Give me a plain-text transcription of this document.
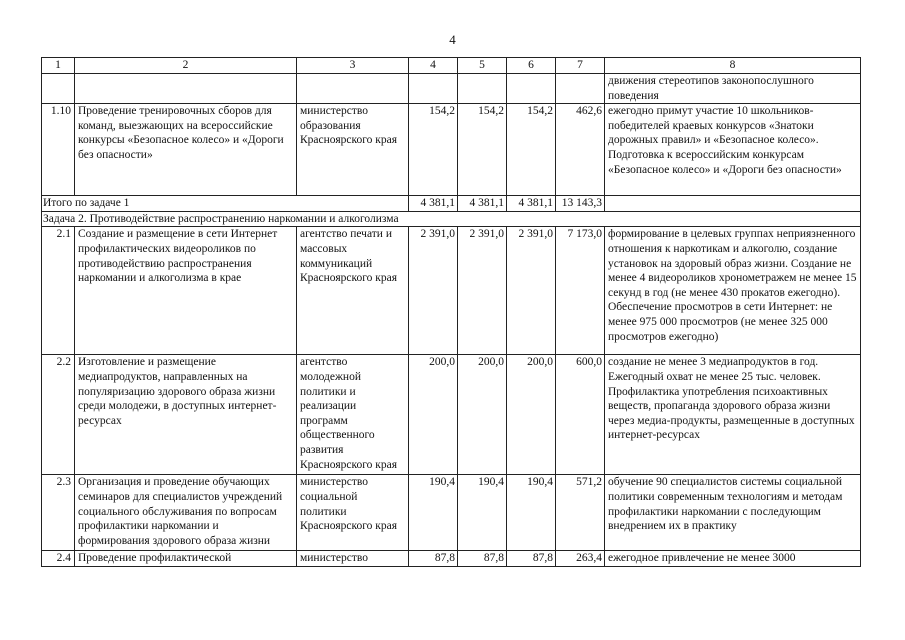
4
1	2	3	4	5	6	7	8
							движения стереотипов законопослушного поведения
1.10	Проведение тренировочных сборов для команд, выезжающих на всероссийские конкурсы «Безопасное колесо» и «Дороги без опасности»	министерство образования Красноярского края	154,2	154,2	154,2	462,6	ежегодно примут участие 10 школьников-победителей краевых конкурсов «Знатоки дорожных правил» и «Безопасное колесо». Подготовка к всероссийским конкурсам «Безопасное колесо» и «Дороги без опасности»
Итого по задаче 1			4 381,1	4 381,1	4 381,1	13 143,3	
Задача 2. Противодействие распространению наркомании и алкоголизма							
2.1	Создание и размещение в сети Интернет профилактических видеороликов по противодействию распространения наркомании и алкоголизма в крае	агентство печати и массовых коммуникаций Красноярского края	2 391,0	2 391,0	2 391,0	7 173,0	формирование в целевых группах неприязненного отношения к наркотикам и алкоголю, создание установок на здоровый образ жизни. Создание не менее 4 видеороликов хронометражем не менее 15 секунд в год (не менее 430 прокатов ежегодно). Обеспечение просмотров в сети Интернет: не менее 975 000 просмотров (не менее 325 000 просмотров ежегодно)
2.2	Изготовление и размещение медиапродуктов, направленных на популяризацию здорового образа жизни среди молодежи, в доступных интернет-ресурсах	агентство молодежной политики и реализации программ общественного развития Красноярского края	200,0	200,0	200,0	600,0	создание не менее 3 медиапродуктов в год. Ежегодный охват не менее 25 тыс. человек. Профилактика употребления психоактивных веществ, пропаганда здорового образа жизни через медиа-продукты, размещенные в доступных интернет-ресурсах
2.3	Организация и проведение обучающих семинаров для специалистов учреждений социального обслуживания по вопросам профилактики наркомании и формирования здорового образа жизни	министерство социальной политики Красноярского края	190,4	190,4	190,4	571,2	обучение 90 специалистов системы социальной политики современным технологиям и методам профилактики наркомании с последующим внедрением их в практику
2.4	Проведение профилактической	министерство	87,8	87,8	87,8	263,4	ежегодное привлечение не менее 3000
